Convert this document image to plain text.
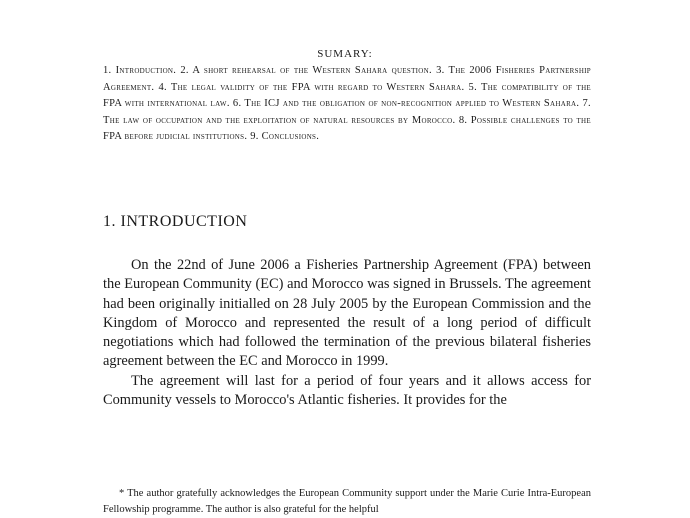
SUMARY:
1. Introduction. 2. A short rehearsal of the Western Sahara question. 3. The 2006 Fisheries Partnership Agreement. 4. The legal validity of the FPA with regard to Western Sahara. 5. The compatibility of the FPA with international law. 6. The ICJ and the obligation of non-recognition applied to Western Sahara. 7. The law of occupation and the exploitation of natural resources by Morocco. 8. Possible challenges to the FPA before judicial institutions. 9. Conclusions.
1. INTRODUCTION

On the 22nd of June 2006 a Fisheries Partnership Agreement (FPA) between the European Community (EC) and Morocco was signed in Brussels. The agreement had been originally initialled on 28 July 2005 by the European Commission and the Kingdom of Morocco and represented the result of a long period of difficult negotiations which had followed the termination of the previous bilateral fisheries agreement between the EC and Morocco in 1999.

The agreement will last for a period of four years and it allows access for Community vessels to Morocco's Atlantic fisheries. It provides for the

* The author gratefully acknowledges the European Community support under the Marie Curie Intra-European Fellowship programme. The author is also grateful for the helpful
